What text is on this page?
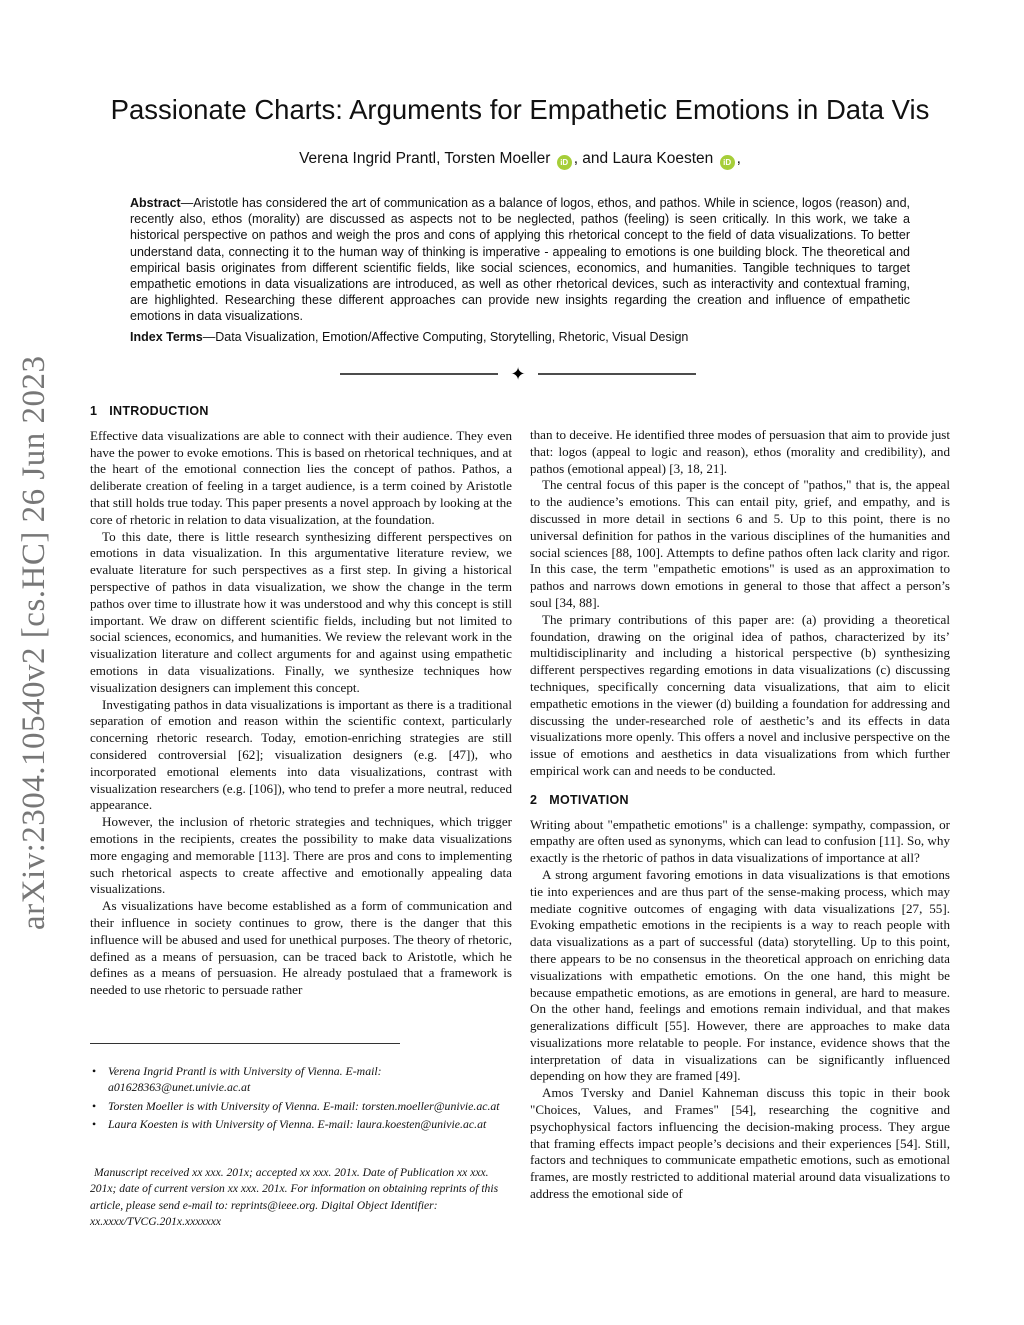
arXiv:2304.10540v2 [cs.HC] 26 Jun 2023
Passionate Charts: Arguments for Empathetic Emotions in Data Vis
Verena Ingrid Prantl, Torsten Moeller iD , and Laura Koesten iD ,
Abstract—Aristotle has considered the art of communication as a balance of logos, ethos, and pathos. While in science, logos (reason) and, recently also, ethos (morality) are discussed as aspects not to be neglected, pathos (feeling) is seen critically. In this work, we take a historical perspective on pathos and weigh the pros and cons of applying this rhetorical concept to the field of data visualizations. To better understand data, connecting it to the human way of thinking is imperative - appealing to emotions is one building block. The theoretical and empirical basis originates from different scientific fields, like social sciences, economics, and humanities. Tangible techniques to target empathetic emotions in data visualizations are introduced, as well as other rhetorical devices, such as interactivity and contextual framing, are highlighted. Researching these different approaches can provide new insights regarding the creation and influence of empathetic emotions in data visualizations.
Index Terms—Data Visualization, Emotion/Affective Computing, Storytelling, Rhetoric, Visual Design
✦
1 INTRODUCTION

Effective data visualizations are able to connect with their audience. They even have the power to evoke emotions. This is based on rhetorical techniques, and at the heart of the emotional connection lies the concept of pathos. Pathos, a deliberate creation of feeling in a target audience, is a term coined by Aristotle that still holds true today. This paper presents a novel approach by looking at the core of rhetoric in relation to data visualization, at the foundation.

To this date, there is little research synthesizing different perspectives on emotions in data visualization. In this argumentative literature review, we evaluate literature for such perspectives as a first step. In giving a historical perspective of pathos in data visualization, we show the change in the term pathos over time to illustrate how it was understood and why this concept is still important. We draw on different scientific fields, including but not limited to social sciences, economics, and humanities. We review the relevant work in the visualization literature and collect arguments for and against using empathetic emotions in data visualizations. Finally, we synthesize techniques how visualization designers can implement this concept.

Investigating pathos in data visualizations is important as there is a traditional separation of emotion and reason within the scientific context, particularly concerning rhetoric research. Today, emotion-enriching strategies are still considered controversial [62]; visualization designers (e.g. [47]), who incorporated emotional elements into data visualizations, contrast with visualization researchers (e.g. [106]), who tend to prefer a more neutral, reduced appearance.

However, the inclusion of rhetoric strategies and techniques, which trigger emotions in the recipients, creates the possibility to make data visualizations more engaging and memorable [113]. There are pros and cons to implementing such rhetorical aspects to create affective and emotionally appealing data visualizations.

As visualizations have become established as a form of communication and their influence in society continues to grow, there is the danger that this influence will be abused and used for unethical purposes. The theory of rhetoric, defined as a means of persuasion, can be traced back to Aristotle, which he defines as a means of persuasion. He already postulaed that a framework is needed to use rhetoric to persuade rather

• Verena Ingrid Prantl is with University of Vienna. E-mail: a01628363@unet.univie.ac.at
• Torsten Moeller is with University of Vienna. E-mail: torsten.moeller@univie.ac.at
• Laura Koesten is with University of Vienna. E-mail: laura.koesten@univie.ac.at
Manuscript received xx xxx. 201x; accepted xx xxx. 201x. Date of Publication xx xxx. 201x; date of current version xx xxx. 201x. For information on obtaining reprints of this article, please send e-mail to: reprints@ieee.org. Digital Object Identifier: xx.xxxx/TVCG.201x.xxxxxxx

than to deceive. He identified three modes of persuasion that aim to provide just that: logos (appeal to logic and reason), ethos (morality and credibility), and pathos (emotional appeal) [3, 18, 21].

The central focus of this paper is the concept of "pathos," that is, the appeal to the audience’s emotions. This can entail pity, grief, and empathy, and is discussed in more detail in sections 6 and 5. Up to this point, there is no universal definition for pathos in the various disciplines of the humanities and social sciences [88, 100]. Attempts to define pathos often lack clarity and rigor. In this case, the term "empathetic emotions" is used as an approximation to pathos and narrows down emotions in general to those that affect a person’s soul [34, 88].

The primary contributions of this paper are: (a) providing a theoretical foundation, drawing on the original idea of pathos, characterized by its’ multidisciplinarity and including a historical perspective (b) synthesizing different perspectives regarding emotions in data visualizations (c) discussing techniques, specifically concerning data visualizations, that aim to elicit empathetic emotions in the viewer (d) building a foundation for addressing and discussing the under-researched role of aesthetic’s and its effects in data visualizations more openly. This offers a novel and inclusive perspective on the issue of emotions and aesthetics in data visualizations from which further empirical work can and needs to be conducted.

2 MOTIVATION

Writing about "empathetic emotions" is a challenge: sympathy, compassion, or empathy are often used as synonyms, which can lead to confusion [11]. So, why exactly is the rhetoric of pathos in data visualizations of importance at all?

A strong argument favoring emotions in data visualizations is that emotions tie into experiences and are thus part of the sense-making process, which may mediate cognitive outcomes of engaging with data visualizations [27, 55]. Evoking empathetic emotions in the recipients is a way to reach people with data visualizations as a part of successful (data) storytelling. Up to this point, there appears to be no consensus in the theoretical approach on enriching data visualizations with empathetic emotions. On the one hand, this might be because empathetic emotions, as are emotions in general, are hard to measure. On the other hand, feelings and emotions remain individual, and that makes generalizations difficult [55]. However, there are approaches to make data visualizations more relatable to people. For instance, evidence shows that the interpretation of data in visualizations can be significantly influenced depending on how they are framed [49].

Amos Tversky and Daniel Kahneman discuss this topic in their book "Choices, Values, and Frames" [54], researching the cognitive and psychophysical factors influencing the decision-making process. They argue that framing effects impact people’s decisions and their experiences [54]. Still, factors and techniques to communicate empathetic emotions, such as emotional frames, are mostly restricted to additional material around data visualizations to address the emotional side of
